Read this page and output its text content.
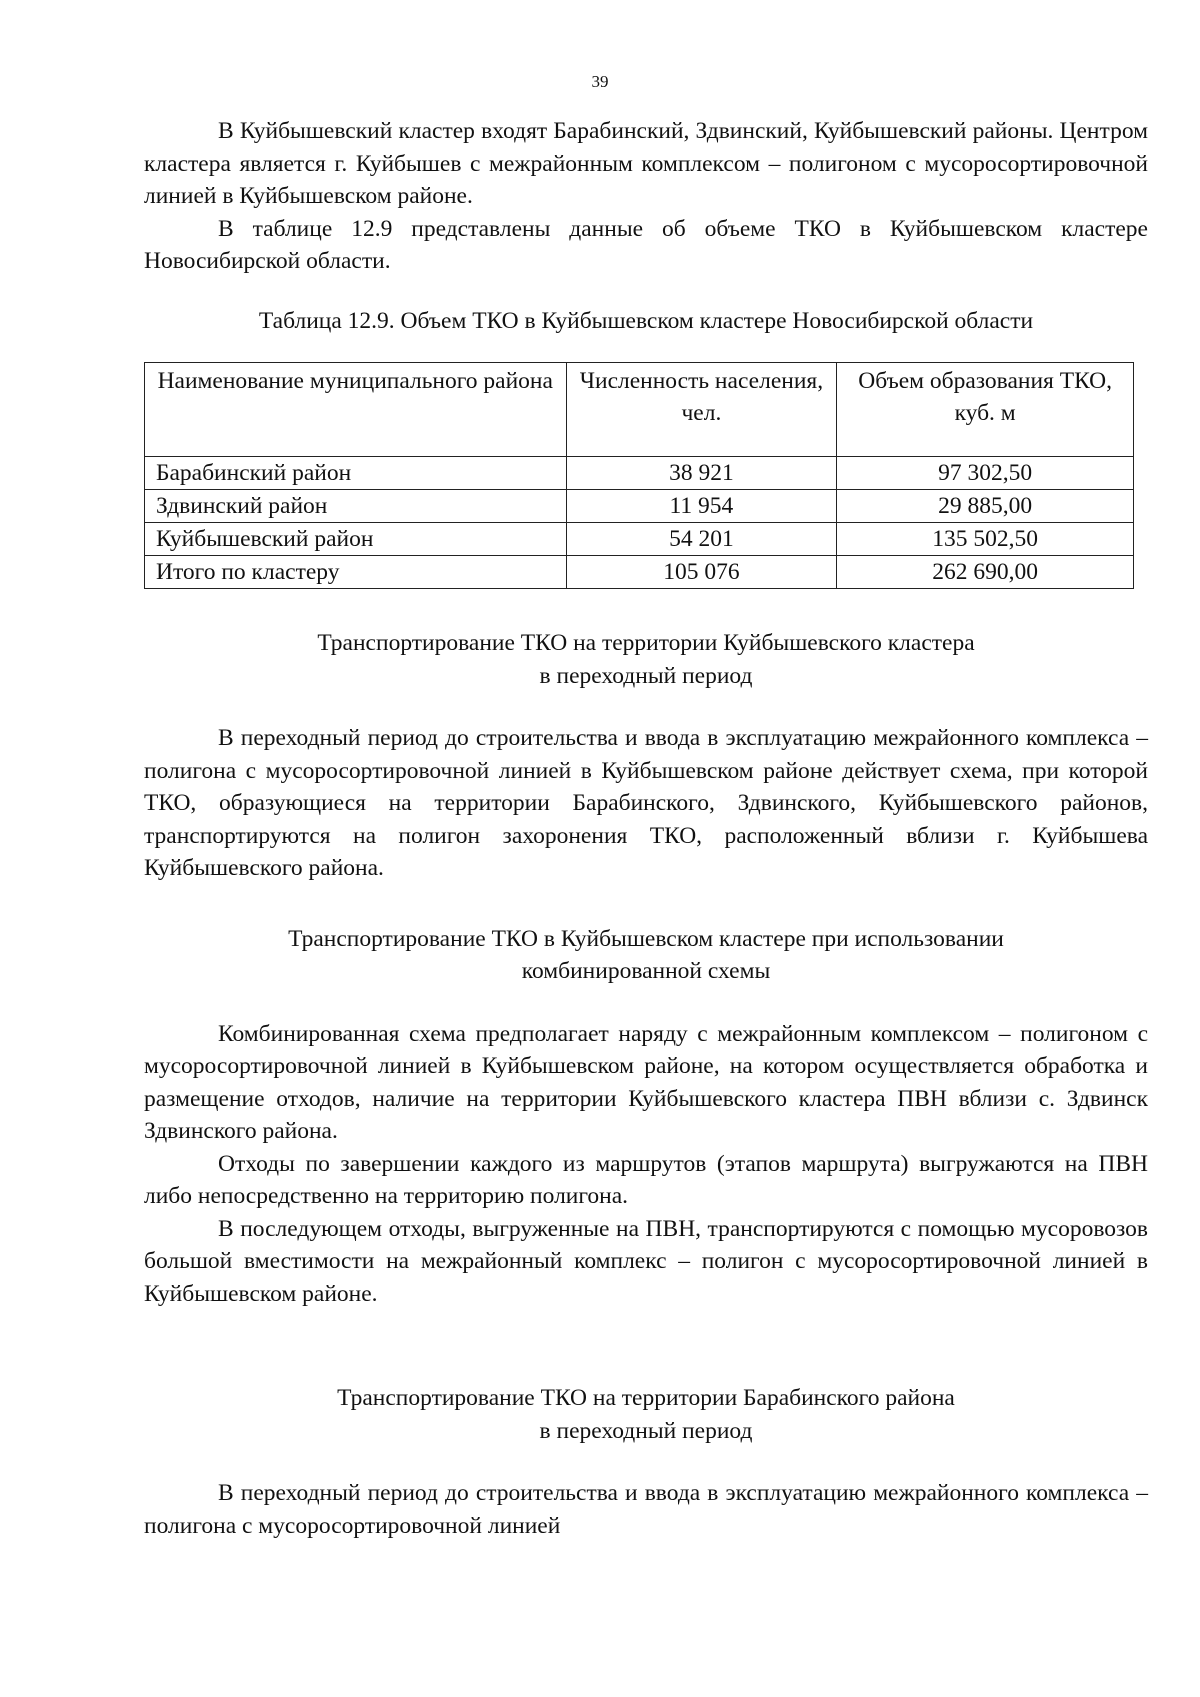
39

В Куйбышевский кластер входят Барабинский, Здвинский, Куйбышевский районы. Центром кластера является г. Куйбышев с межрайонным комплексом – полигоном с мусоросортировочной линией в Куйбышевском районе.

В таблице 12.9 представлены данные об объеме ТКО в Куйбышевском кластере Новосибирской области.

Таблица 12.9. Объем ТКО в Куйбышевском кластере Новосибирской области

Наименование муниципального района	Численность населения, чел.	Объем образования ТКО, куб. м
Барабинский район	38 921	97 302,50
Здвинский район	11 954	29 885,00
Куйбышевский район	54 201	135 502,50
Итого по кластеру	105 076	262 690,00

Транспортирование ТКО на территории Куйбышевского кластера

в переходный период

В переходный период до строительства и ввода в эксплуатацию межрайонного комплекса – полигона с мусоросортировочной линией в Куйбышевском районе действует схема, при которой ТКО, образующиеся на территории Барабинского, Здвинского, Куйбышевского районов, транспортируются на полигон захоронения ТКО, расположенный вблизи г. Куйбышева Куйбышевского района.

Транспортирование ТКО в Куйбышевском кластере при использовании

комбинированной схемы

Комбинированная схема предполагает наряду с межрайонным комплексом – полигоном с мусоросортировочной линией в Куйбышевском районе, на котором осуществляется обработка и размещение отходов, наличие на территории Куйбышевского кластера ПВН вблизи с. Здвинск Здвинского района.

Отходы по завершении каждого из маршрутов (этапов маршрута) выгружаются на ПВН либо непосредственно на территорию полигона.

В последующем отходы, выгруженные на ПВН, транспортируются с помощью мусоровозов большой вместимости на межрайонный комплекс – полигон с мусоросортировочной линией в Куйбышевском районе.

Транспортирование ТКО на территории Барабинского района

в переходный период

В переходный период до строительства и ввода в эксплуатацию межрайонного комплекса – полигона с мусоросортировочной линией
